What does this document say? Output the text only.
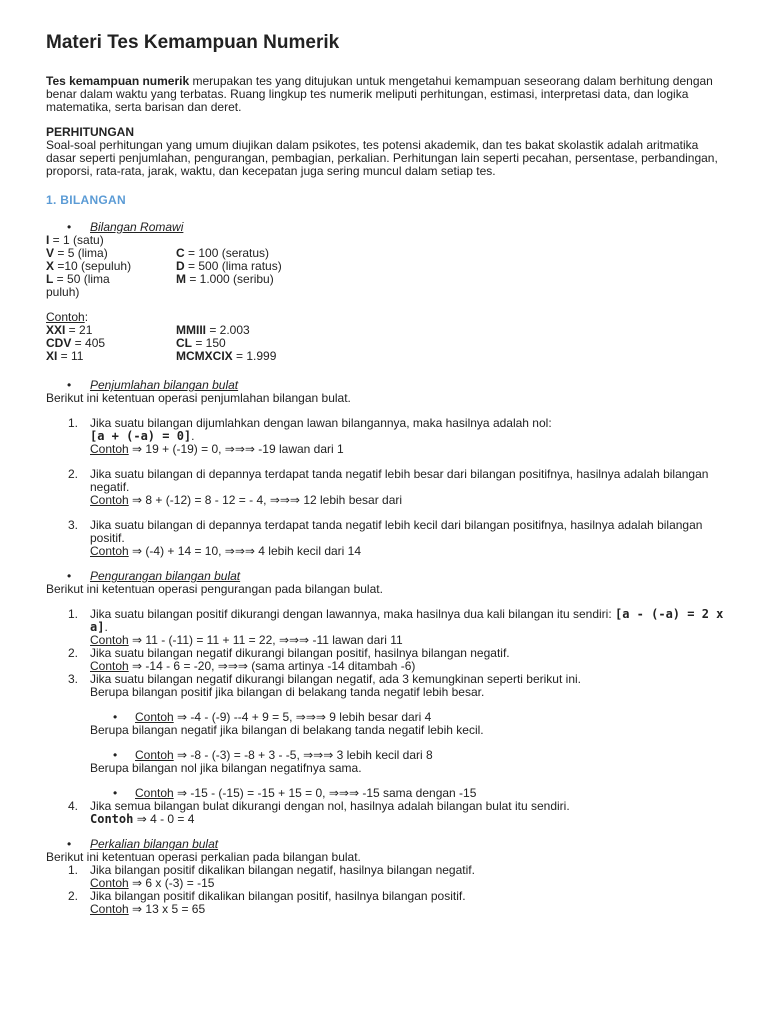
Materi Tes Kemampuan Numerik

Tes kemampuan numerik merupakan tes yang ditujukan untuk mengetahui kemampuan seseorang dalam berhitung dengan benar dalam waktu yang terbatas. Ruang lingkup tes numerik meliputi perhitungan, estimasi, interpretasi data, dan logika matematika, serta barisan dan deret.

PERHITUNGAN

Soal-soal perhitungan yang umum diujikan dalam psikotes, tes potensi akademik, dan tes bakat skolastik adalah aritmatika dasar seperti penjumlahan, pengurangan, pembagian, perkalian. Perhitungan lain seperti pecahan, persentase, perbandingan, proporsi, rata-rata, jarak, waktu, dan kecepatan juga sering muncul dalam setiap tes.

1. BILANGAN

• Bilangan Romawi
I = 1 (satu)
V = 5 (lima)	C = 100 (seratus)
X =10 (sepuluh)	D = 500 (lima ratus)
L = 50 (lima	M = 1.000 (seribu)
puluh)

Contoh:

XXI = 21	MMIII = 2.003
CDV = 405	CL = 150
XI = 11	MCMXCIX = 1.999
• Penjumlahan bilangan bulat

Berikut ini ketentuan operasi penjumlahan bilangan bulat.

1. Jika suatu bilangan dijumlahkan dengan lawan bilangannya, maka hasilnya adalah nol:
[a + (-a) = 0].
Contoh ⇒ 19 + (-19) = 0, ⇒⇒⇒ -19 lawan dari 1
2. Jika suatu bilangan di depannya terdapat tanda negatif lebih besar dari bilangan positifnya, hasilnya adalah bilangan negatif.
Contoh ⇒ 8 + (-12) = 8 - 12 = - 4, ⇒⇒⇒ 12 lebih besar dari
3. Jika suatu bilangan di depannya terdapat tanda negatif lebih kecil dari bilangan positifnya, hasilnya adalah bilangan positif.
Contoh ⇒ (-4) + 14 = 10, ⇒⇒⇒ 4 lebih kecil dari 14
• Pengurangan bilangan bulat

Berikut ini ketentuan operasi pengurangan pada bilangan bulat.

1. Jika suatu bilangan positif dikurangi dengan lawannya, maka hasilnya dua kali bilangan itu sendiri: [a - (-a) = 2 x a].
Contoh ⇒ 11 - (-11) = 11 + 11 = 22, ⇒⇒⇒ -11 lawan dari 11
2. Jika suatu bilangan negatif dikurangi bilangan positif, hasilnya bilangan negatif.
Contoh ⇒ -14 - 6 = -20, ⇒⇒⇒ (sama artinya -14 ditambah -6)
3. Jika suatu bilangan negatif dikurangi bilangan negatif, ada 3 kemungkinan seperti berikut ini.
Berupa bilangan positif jika bilangan di belakang tanda negatif lebih besar.
• Contoh ⇒ -4 - (-9) --4 + 9 = 5, ⇒⇒⇒ 9 lebih besar dari 4
Berupa bilangan negatif jika bilangan di belakang tanda negatif lebih kecil.
• Contoh ⇒ -8 - (-3) = -8 + 3 - -5, ⇒⇒⇒ 3 lebih kecil dari 8
Berupa bilangan nol jika bilangan negatifnya sama.
• Contoh ⇒ -15 - (-15) = -15 + 15 = 0, ⇒⇒⇒ -15 sama dengan -15
4. Jika semua bilangan bulat dikurangi dengan nol, hasilnya adalah bilangan bulat itu sendiri.
Contoh ⇒ 4 - 0 = 4
• Perkalian bilangan bulat

Berikut ini ketentuan operasi perkalian pada bilangan bulat.

1. Jika bilangan positif dikalikan bilangan negatif, hasilnya bilangan negatif.
Contoh ⇒ 6 x (-3) = -15
2. Jika bilangan positif dikalikan bilangan positif, hasilnya bilangan positif.
Contoh ⇒ 13 x 5 = 65
